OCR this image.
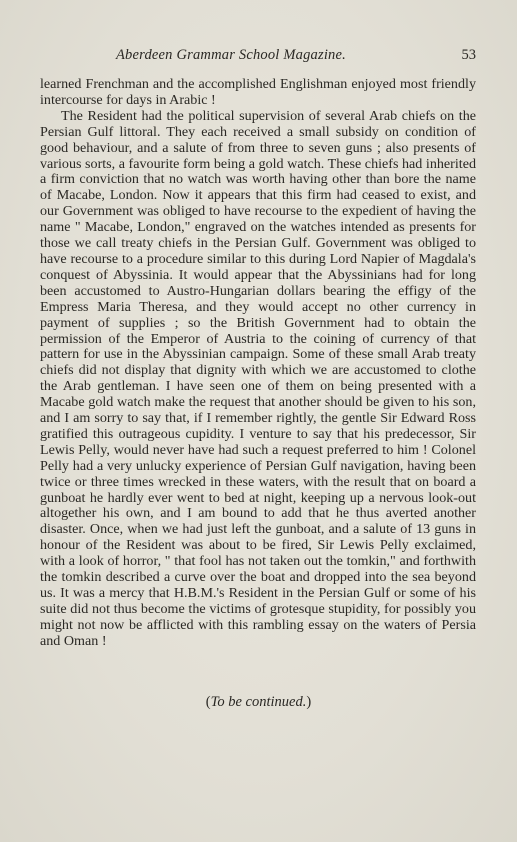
Aberdeen Grammar School Magazine.	53

learned Frenchman and the accomplished Englishman enjoyed most friendly intercourse for days in Arabic !

The Resident had the political supervision of several Arab chiefs on the Persian Gulf littoral. They each received a small subsidy on condition of good behaviour, and a salute of from three to seven guns ; also presents of various sorts, a favourite form being a gold watch. These chiefs had inherited a firm conviction that no watch was worth having other than bore the name of Macabe, London. Now it appears that this firm had ceased to exist, and our Government was obliged to have recourse to the expedient of having the name " Macabe, London," engraved on the watches intended as presents for those we call treaty chiefs in the Persian Gulf. Government was obliged to have recourse to a procedure similar to this during Lord Napier of Magdala's conquest of Abyssinia. It would appear that the Abyssinians had for long been accustomed to Austro-Hungarian dollars bearing the effigy of the Empress Maria Theresa, and they would accept no other currency in payment of supplies ; so the British Government had to obtain the permission of the Emperor of Austria to the coining of currency of that pattern for use in the Abyssinian campaign. Some of these small Arab treaty chiefs did not display that dignity with which we are accustomed to clothe the Arab gentleman. I have seen one of them on being presented with a Macabe gold watch make the request that another should be given to his son, and I am sorry to say that, if I remember rightly, the gentle Sir Edward Ross gratified this outrageous cupidity. I venture to say that his predecessor, Sir Lewis Pelly, would never have had such a request preferred to him ! Colonel Pelly had a very unlucky experience of Persian Gulf navigation, having been twice or three times wrecked in these waters, with the result that on board a gunboat he hardly ever went to bed at night, keeping up a nervous look-out altogether his own, and I am bound to add that he thus averted another disaster. Once, when we had just left the gunboat, and a salute of 13 guns in honour of the Resident was about to be fired, Sir Lewis Pelly exclaimed, with a look of horror, " that fool has not taken out the tomkin," and forthwith the tomkin described a curve over the boat and dropped into the sea beyond us. It was a mercy that H.B.M.'s Resident in the Persian Gulf or some of his suite did not thus become the victims of grotesque stupidity, for possibly you might not now be afflicted with this rambling essay on the waters of Persia and Oman !

(To be continued.)
